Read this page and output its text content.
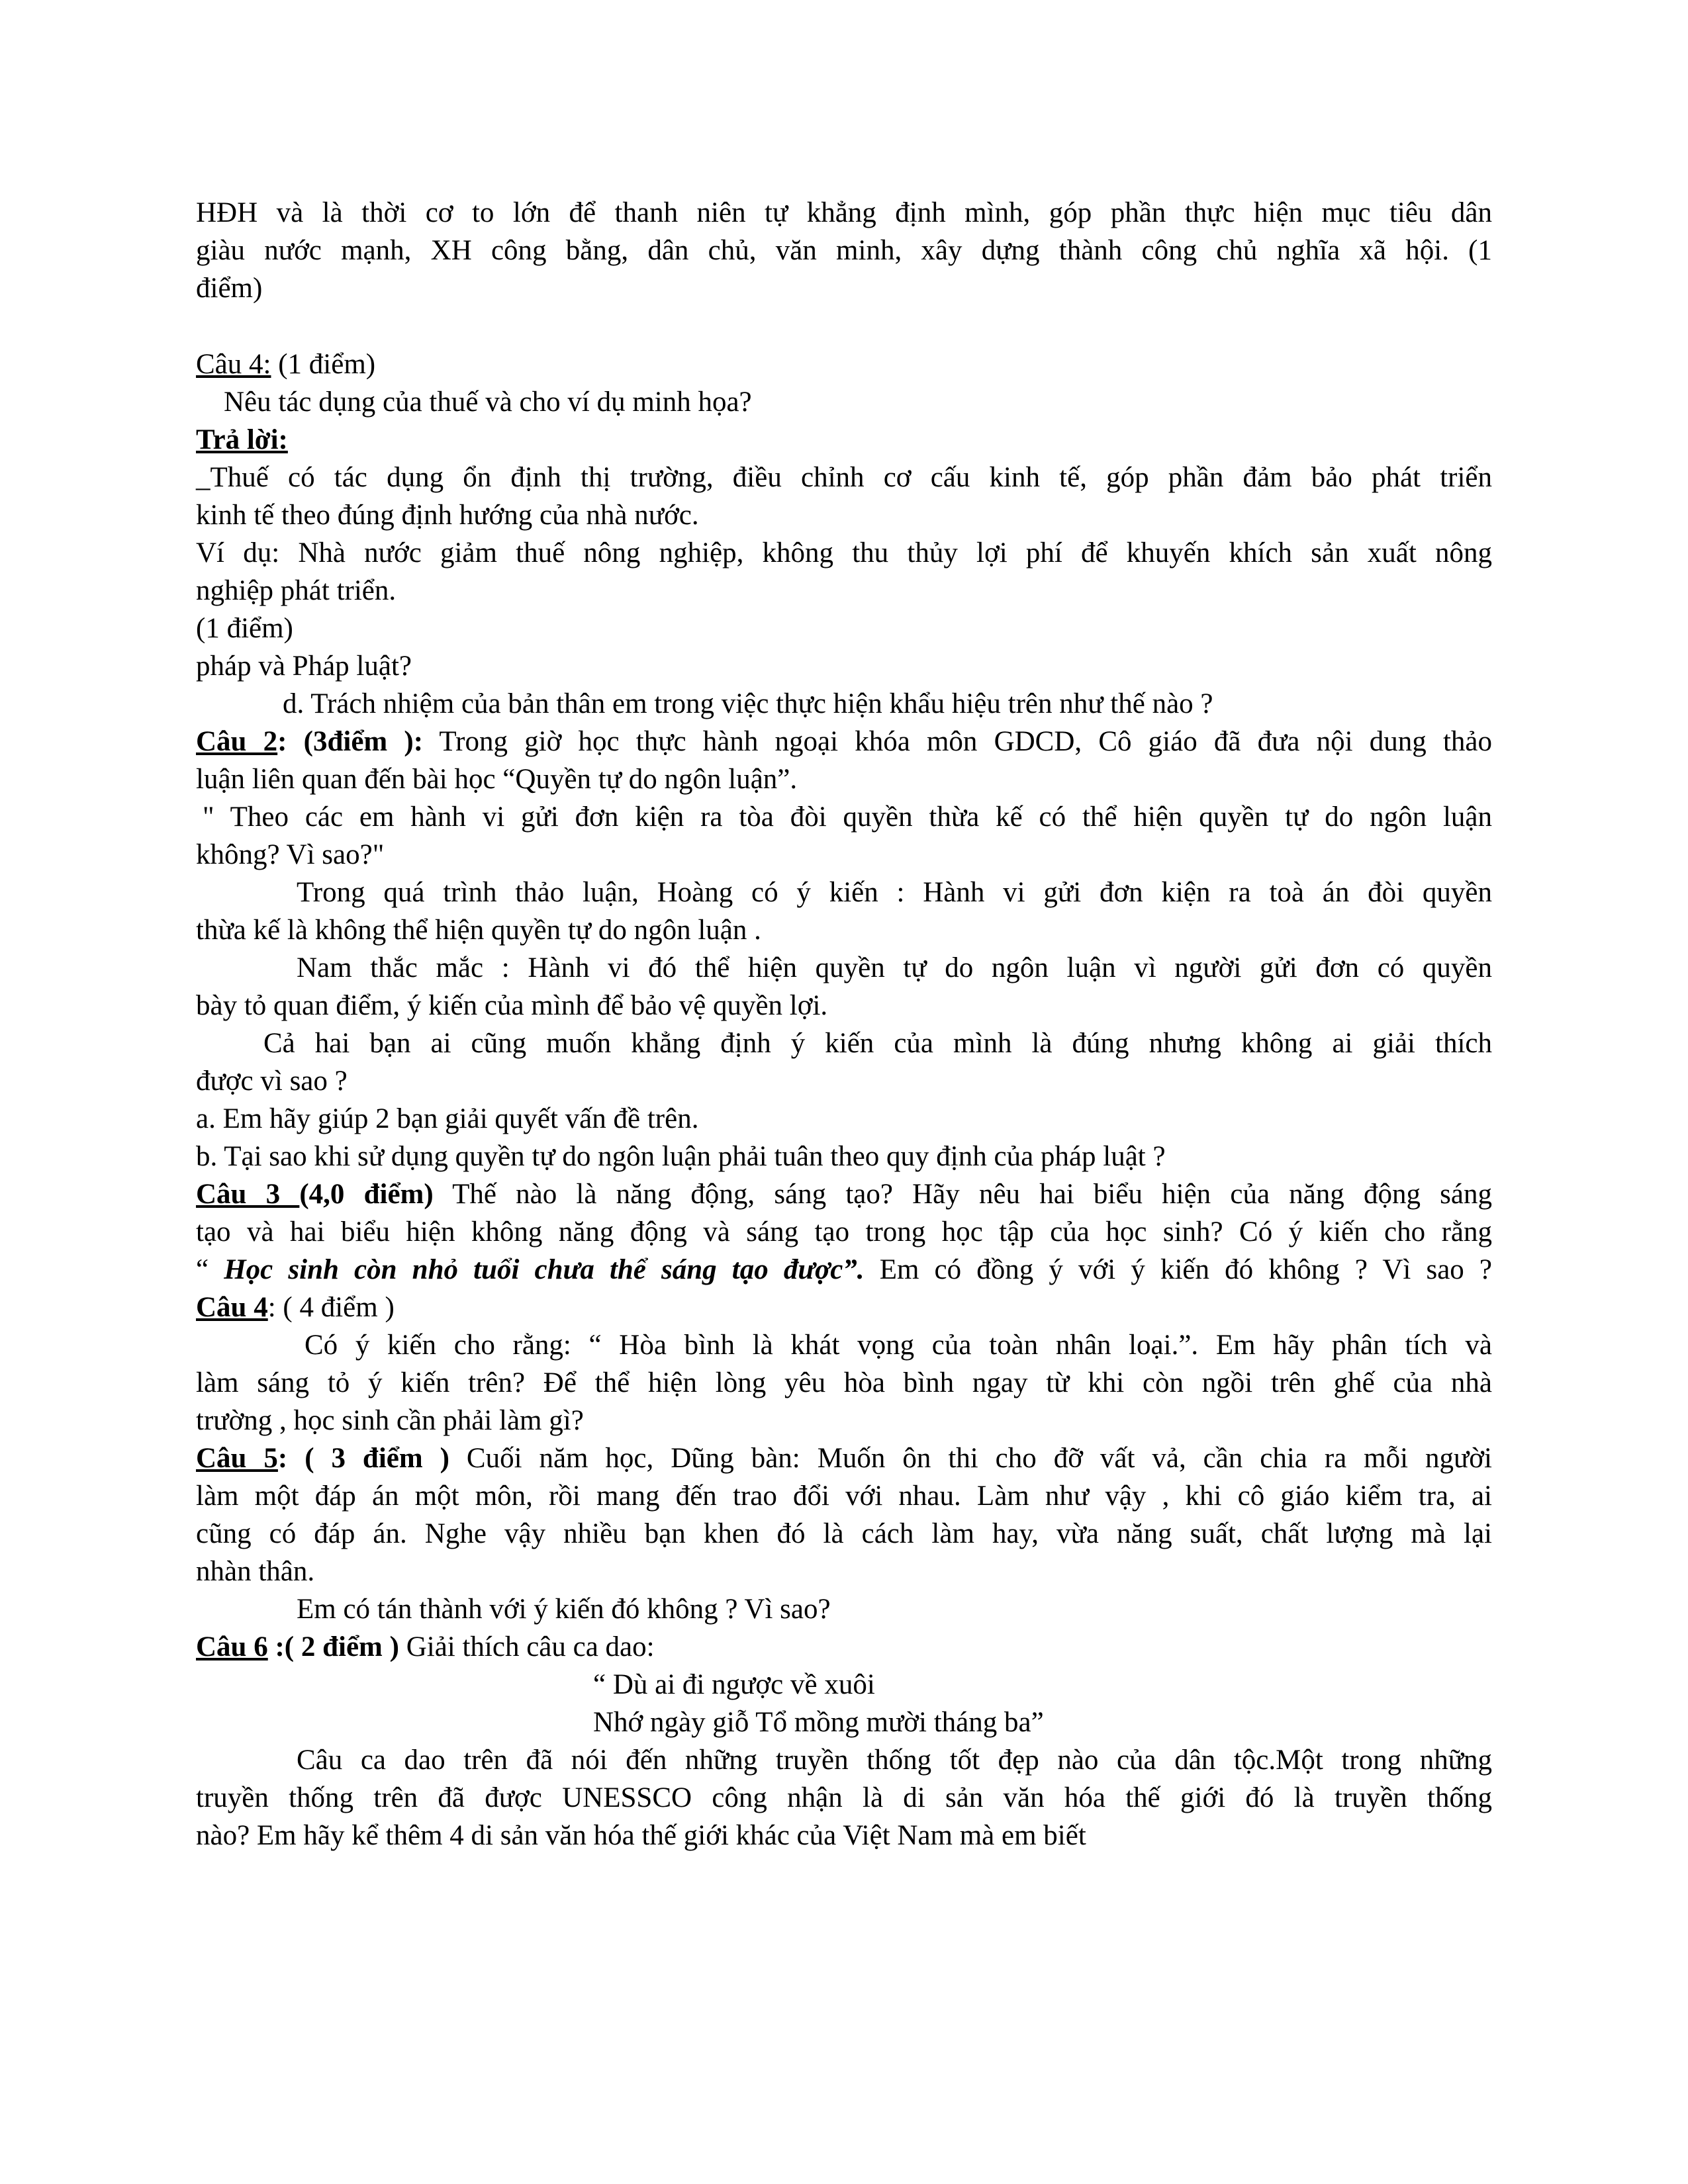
HĐH và là thời cơ to lớn để thanh niên tự khẳng định mình, góp phần thực hiện mục tiêu dân

giàu nước mạnh, XH công bằng, dân chủ, văn minh, xây dựng thành công chủ nghĩa xã hội. (1

điểm)

Câu 4: (1 điểm)

Nêu tác dụng của thuế và cho ví dụ minh họa?

Trả lời:

_Thuế có tác dụng ổn định thị trường, điều chỉnh cơ cấu kinh tế, góp phần đảm bảo phát triển

kinh tế theo đúng định hướng của nhà nước.

Ví dụ: Nhà nước giảm thuế nông nghiệp, không thu thủy lợi phí để khuyến khích sản xuất nông

nghiệp phát triển.

(1 điểm)

pháp và Pháp luật?

d. Trách nhiệm của bản thân em trong việc thực hiện khẩu hiệu trên như thế nào ?

Câu 2: (3điểm ): Trong giờ học thực hành ngoại khóa môn GDCD, Cô giáo đã đưa nội dung thảo

luận liên quan đến bài học “Quyền tự do ngôn luận”.

" Theo các em hành vi gửi đơn kiện ra tòa đòi quyền thừa kế có thể hiện quyền tự do ngôn luận

không? Vì sao?"

Trong quá trình thảo luận, Hoàng có ý kiến : Hành vi gửi đơn kiện ra toà án đòi quyền

thừa kế là không thể hiện quyền tự do ngôn luận .

Nam thắc mắc : Hành vi đó thể hiện quyền tự do ngôn luận vì người gửi đơn có quyền

bày tỏ quan điểm, ý kiến của mình để bảo vệ quyền lợi.

Cả hai bạn ai cũng muốn khẳng định ý kiến của mình là đúng nhưng không ai giải thích

được vì sao ?

a. Em hãy giúp 2 bạn giải quyết vấn đề trên.

b. Tại sao khi sử dụng quyền tự do ngôn luận phải tuân theo quy định của pháp luật ?

Câu 3 (4,0 điểm) Thế nào là năng động, sáng tạo? Hãy nêu hai biểu hiện của năng động sáng

tạo và hai biểu hiện không năng động và sáng tạo trong học tập của học sinh? Có ý kiến cho rằng

“ Học sinh còn nhỏ tuổi chưa thể sáng tạo được”. Em có đồng ý với ý kiến đó không ? Vì sao ?

Câu 4: ( 4 điểm )

Có ý kiến cho rằng: “ Hòa bình là khát vọng của toàn nhân loại.”. Em hãy phân tích và

làm sáng tỏ ý kiến trên? Để thể hiện lòng yêu hòa bình ngay từ khi còn ngồi trên ghế của nhà

trường , học sinh cần phải làm gì?

Câu 5: ( 3 điểm ) Cuối năm học, Dũng bàn: Muốn ôn thi cho đỡ vất vả, cần chia ra mỗi người

làm một đáp án một môn, rồi mang đến trao đổi với nhau. Làm như vậy , khi cô giáo kiểm tra, ai

cũng có đáp án. Nghe vậy nhiều bạn khen đó là cách làm hay, vừa năng suất, chất lượng mà lại

nhàn thân.

Em có tán thành với ý kiến đó không ? Vì sao?

Câu 6 :( 2 điểm ) Giải thích câu ca dao:

“ Dù ai đi ngược về xuôi

Nhớ ngày giỗ Tổ mồng mười tháng ba”

Câu ca dao trên đã nói đến những truyền thống tốt đẹp nào của dân tộc.Một trong những

truyền thống trên đã được UNESSCO công nhận là di sản văn hóa thế giới đó là truyền thống

nào? Em hãy kể thêm 4 di sản văn hóa thế giới khác của Việt Nam mà em biết
